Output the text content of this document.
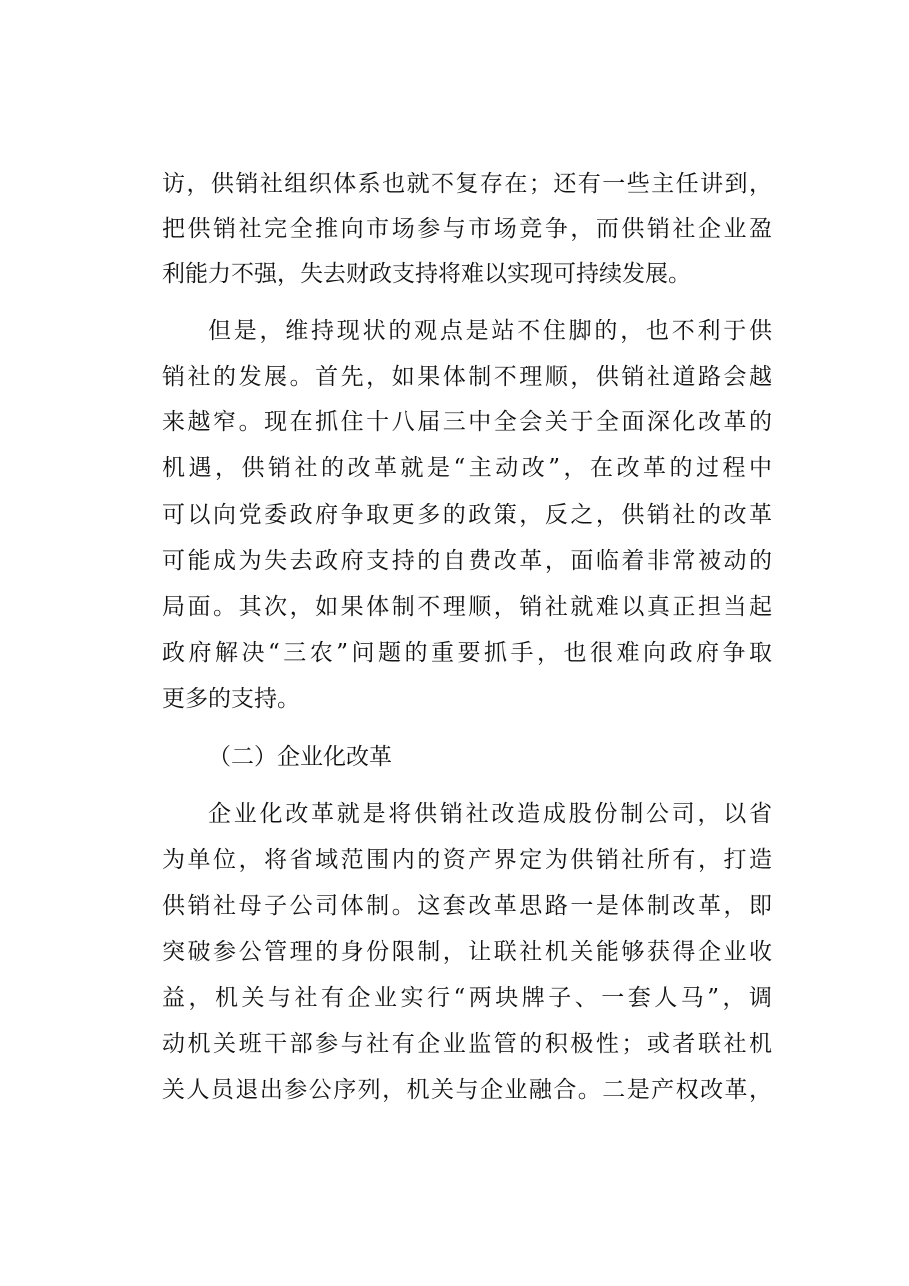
访，供销社组织体系也就不复存在；还有一些主任讲到，
把供销社完全推向市场参与市场竞争，而供销社企业盈
利能力不强，失去财政支持将难以实现可持续发展。
但是，维持现状的观点是站不住脚的，也不利于供
销社的发展。首先，如果体制不理顺，供销社道路会越
来越窄。现在抓住十八届三中全会关于全面深化改革的
机遇，供销社的改革就是“主动改”，在改革的过程中
可以向党委政府争取更多的政策，反之，供销社的改革
可能成为失去政府支持的自费改革，面临着非常被动的
局面。其次，如果体制不理顺，销社就难以真正担当起
政府解决“三农”问题的重要抓手，也很难向政府争取
更多的支持。
（二）企业化改革
企业化改革就是将供销社改造成股份制公司，以省
为单位，将省域范围内的资产界定为供销社所有，打造
供销社母子公司体制。这套改革思路一是体制改革，即
突破参公管理的身份限制，让联社机关能够获得企业收
益，机关与社有企业实行“两块牌子、一套人马”，调
动机关班干部参与社有企业监管的积极性；或者联社机
关人员退出参公序列，机关与企业融合。二是产权改革，
